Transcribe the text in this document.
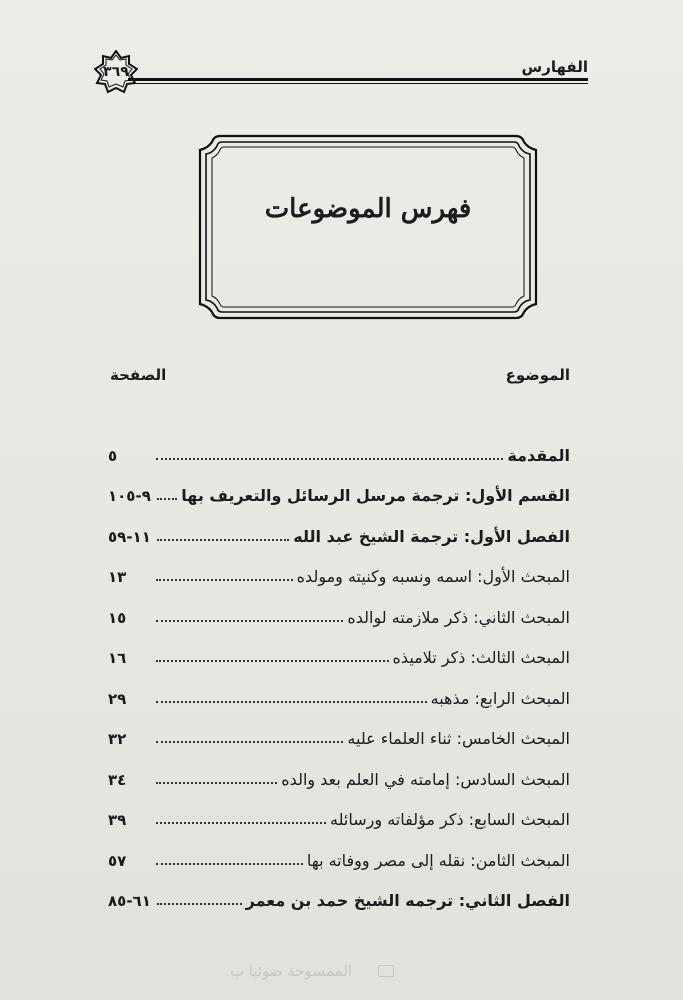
الفهارس
٣٦٩
فهرس الموضوعات
الموضوع
الصفحة
المقدمة
٥
القسم الأول: ترجمة مرسل الرسائل والتعريف بها
٩-١٠٥
الفصل الأول: ترجمة الشيخ عبد الله
١١-٥٩
المبحث الأول: اسمه ونسبه وكنيته ومولده
١٣
المبحث الثاني: ذكر ملازمته لوالده
١٥
المبحث الثالث: ذكر تلاميذه
١٦
المبحث الرابع: مذهبه
٢٩
المبحث الخامس: ثناء العلماء عليه
٣٢
المبحث السادس: إمامته في العلم بعد والده
٣٤
المبحث السابع: ذكر مؤلفاته ورسائله
٣٩
المبحث الثامن: نقله إلى مصر ووفاته بها
٥٧
الفصل الثاني: ترجمه الشيخ حمد بن معمر
٦١-٨٥
الممسوحة ضوئيا ب
